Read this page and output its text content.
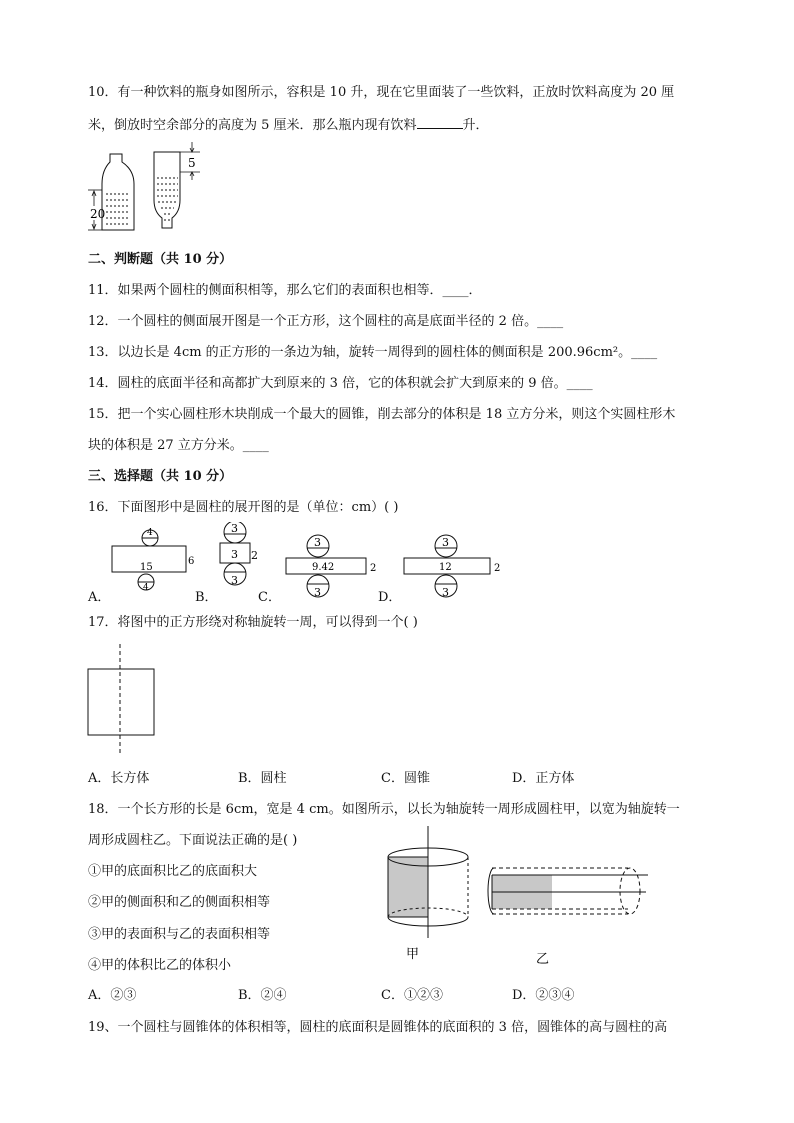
10．有一种饮料的瓶身如图所示，容积是 10 升，现在它里面装了一些饮料，正放时饮料高度为 20 厘
米，倒放时空余部分的高度为 5 厘米．那么瓶内现有饮料	升．
20
5
二、判断题（共 10 分）
11．如果两个圆柱的侧面积相等，那么它们的表面积也相等．____．
12．一个圆柱的侧面展开图是一个正方形，这个圆柱的高是底面半径的 2 倍。____
13．以边长是 4cm 的正方形的一条边为轴，旋转一周得到的圆柱体的侧面积是 200.96cm²。____
14．圆柱的底面半径和高都扩大到原来的 3 倍，它的体积就会扩大到原来的 9 倍。____
15．把一个实心圆柱形木块削成一个最大的圆锥，削去部分的体积是 18 立方分米，则这个实圆柱形木
块的体积是 27 立方分米。____
三、选择题（共 10 分）
16．下面图形中是圆柱的展开图的是（单位：cm）( )
4
15
6
4
3
3 2
3
3
9.42	2
3
3
12	2
3
A．	B．	C．	D．
17．将图中的正方形绕对称轴旋转一周，可以得到一个( )
A．长方体	B．圆柱	C．圆锥	D．正方体
18．一个长方形的长是 6cm，宽是 4 cm。如图所示，以长为轴旋转一周形成圆柱甲，以宽为轴旋转一
周形成圆柱乙。下面说法正确的是( )
①甲的底面积比乙的底面积大
②甲的侧面积和乙的侧面积相等
③甲的表面积与乙的表面积相等
④甲的体积比乙的体积小
甲	乙
A．②③	B．②④	C．①②③	D．②③④
19、一个圆柱与圆锥体的体积相等，圆柱的底面积是圆锥体的底面积的 3 倍，圆锥体的高与圆柱的高
